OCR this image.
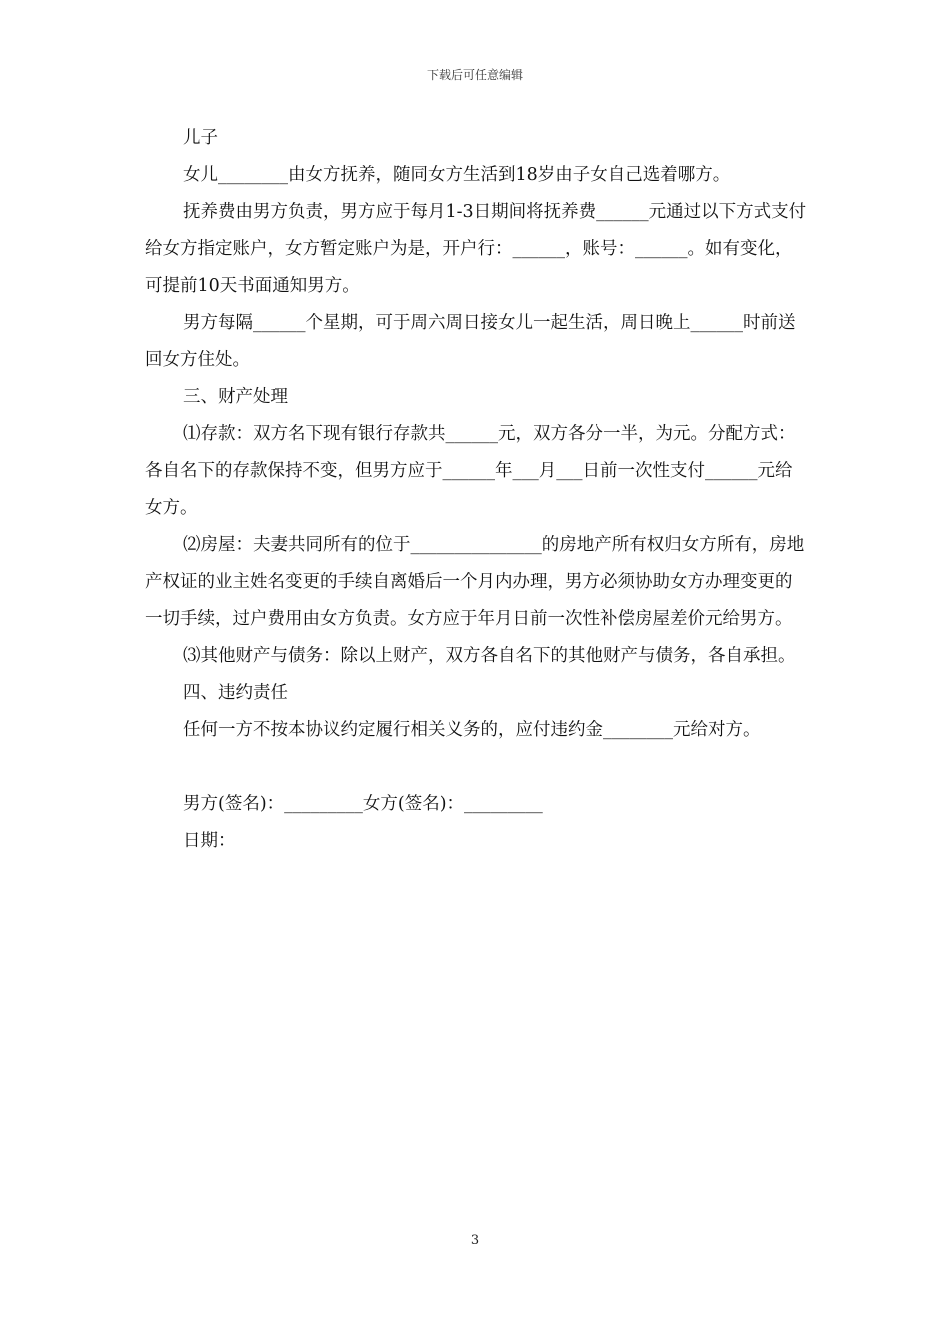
下载后可任意编辑

儿子

女儿________由女方抚养，随同女方生活到18岁由子女自己选着哪方。

抚养费由男方负责，男方应于每月1-3日期间将抚养费______元通过以下方式支付给女方指定账户，女方暂定账户为是，开户行：______，账号：______。如有变化，可提前10天书面通知男方。

男方每隔______个星期，可于周六周日接女儿一起生活，周日晚上______时前送回女方住处。

三、财产处理

⑴存款：双方名下现有银行存款共______元，双方各分一半，为元。分配方式：各自名下的存款保持不变，但男方应于______年___月___日前一次性支付______元给女方。

⑵房屋：夫妻共同所有的位于_______________的房地产所有权归女方所有，房地产权证的业主姓名变更的手续自离婚后一个月内办理，男方必须协助女方办理变更的一切手续，过户费用由女方负责。女方应于年月日前一次性补偿房屋差价元给男方。

⑶其他财产与债务：除以上财产，双方各自名下的其他财产与债务，各自承担。

四、违约责任

任何一方不按本协议约定履行相关义务的，应付违约金________元给对方。

男方(签名)：_________女方(签名)：_________

日期：

3
